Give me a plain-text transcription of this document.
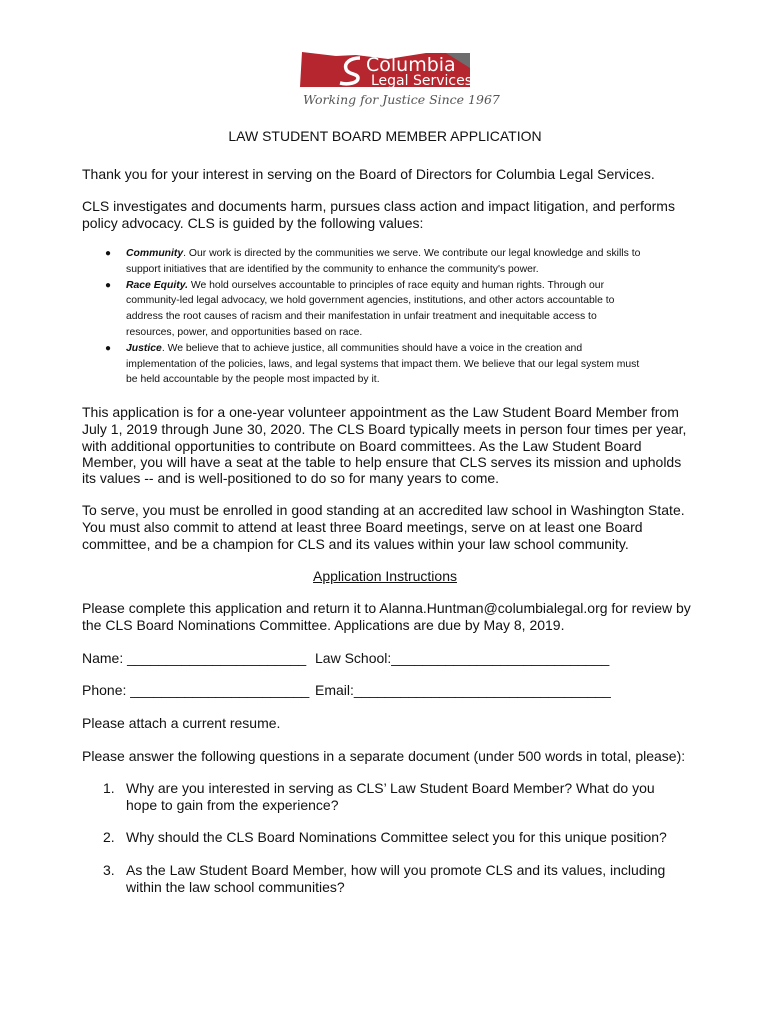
Columbia
Legal Services
Working for Justice Since 1967
LAW STUDENT BOARD MEMBER APPLICATION
Thank you for your interest in serving on the Board of Directors for Columbia Legal Services.
CLS investigates and documents harm, pursues class action and impact litigation, and performs
policy advocacy. CLS is guided by the following values:
● Community. Our work is directed by the communities we serve. We contribute our legal knowledge and skills to
support initiatives that are identified by the community to enhance the community's power.
● Race Equity. We hold ourselves accountable to principles of race equity and human rights. Through our
community-led legal advocacy, we hold government agencies, institutions, and other actors accountable to
address the root causes of racism and their manifestation in unfair treatment and inequitable access to
resources, power, and opportunities based on race.
● Justice. We believe that to achieve justice, all communities should have a voice in the creation and
implementation of the policies, laws, and legal systems that impact them. We believe that our legal system must
be held accountable by the people most impacted by it.
This application is for a one-year volunteer appointment as the Law Student Board Member from
July 1, 2019 through June 30, 2020. The CLS Board typically meets in person four times per year,
with additional opportunities to contribute on Board committees. As the Law Student Board
Member, you will have a seat at the table to help ensure that CLS serves its mission and upholds
its values -- and is well-positioned to do so for many years to come.
To serve, you must be enrolled in good standing at an accredited law school in Washington State.
You must also commit to attend at least three Board meetings, serve on at least one Board
committee, and be a champion for CLS and its values within your law school community.
Application Instructions
Please complete this application and return it to Alanna.Huntman@columbialegal.org for review by
the CLS Board Nominations Committee. Applications are due by May 8, 2019.
Name: _______________________ Law School:____________________________
Phone: _______________________ Email:_________________________________
Please attach a current resume.
Please answer the following questions in a separate document (under 500 words in total, please):
1. Why are you interested in serving as CLS’ Law Student Board Member? What do you
hope to gain from the experience?
2. Why should the CLS Board Nominations Committee select you for this unique position?
3. As the Law Student Board Member, how will you promote CLS and its values, including
within the law school communities?
